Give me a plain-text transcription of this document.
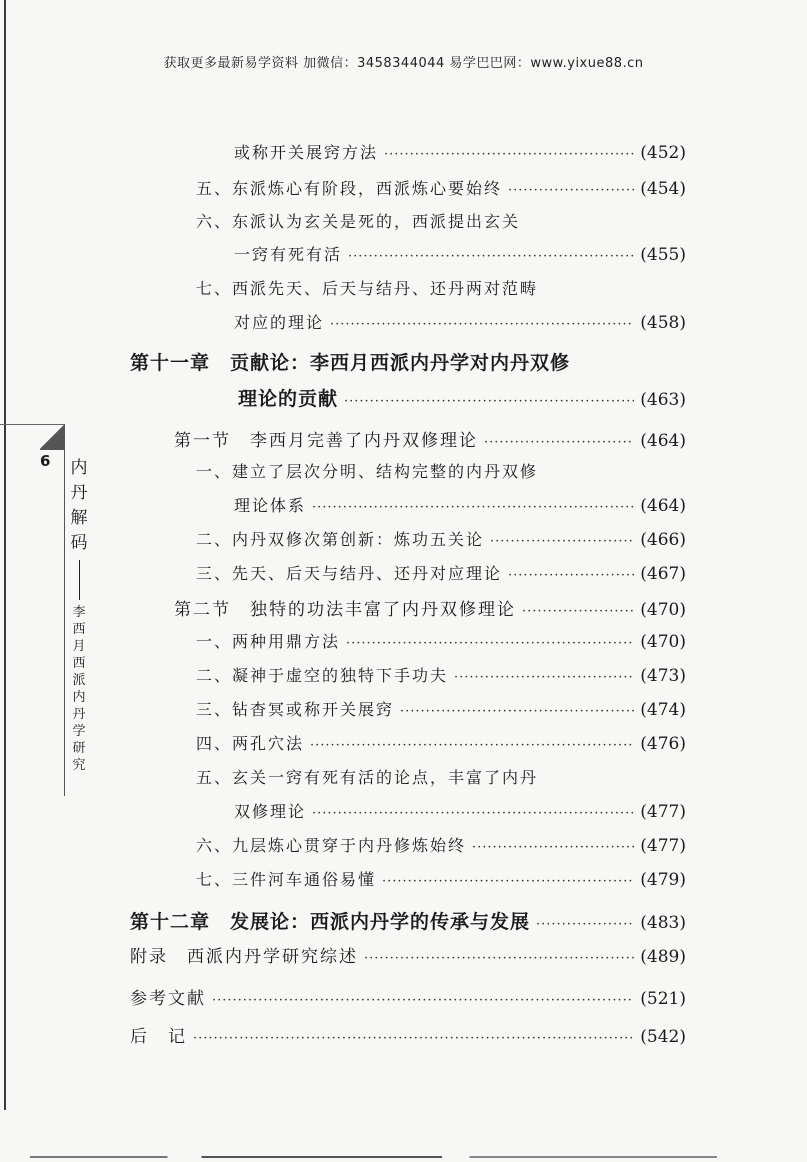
获取更多最新易学资料 加微信：3458344044 易学巴巴网：www.yixue88.cn
6 内丹解码
李西月西派内丹学研究
或称开关展窍方法 ·····	(452)
五、东派炼心有阶段，西派炼心要始终 ·····	(454)
六、东派认为玄关是死的，西派提出玄关
一窍有死有活 ·····	(455)
七、西派先天、后天与结丹、还丹两对范畴
对应的理论 ·····	(458)
第十一章　贡献论：李西月西派内丹学对内丹双修
理论的贡献 ·····	(463)
第一节　李西月完善了内丹双修理论 ·····	(464)
一、建立了层次分明、结构完整的内丹双修
理论体系 ·····	(464)
二、内丹双修次第创新：炼功五关论 ·····	(466)
三、先天、后天与结丹、还丹对应理论 ·····	(467)
第二节　独特的功法丰富了内丹双修理论 ·····	(470)
一、两种用鼎方法 ·····	(470)
二、凝神于虚空的独特下手功夫 ·····	(473)
三、钻杳冥或称开关展窍 ·····	(474)
四、两孔穴法 ·····	(476)
五、玄关一窍有死有活的论点，丰富了内丹
双修理论 ·····	(477)
六、九层炼心贯穿于内丹修炼始终 ·····	(477)
七、三件河车通俗易懂 ·····	(479)
第十二章　发展论：西派内丹学的传承与发展 ·····	(483)
附录　西派内丹学研究综述 ·····	(489)
参考文献 ·····	(521)
后　记 ·····	(542)
